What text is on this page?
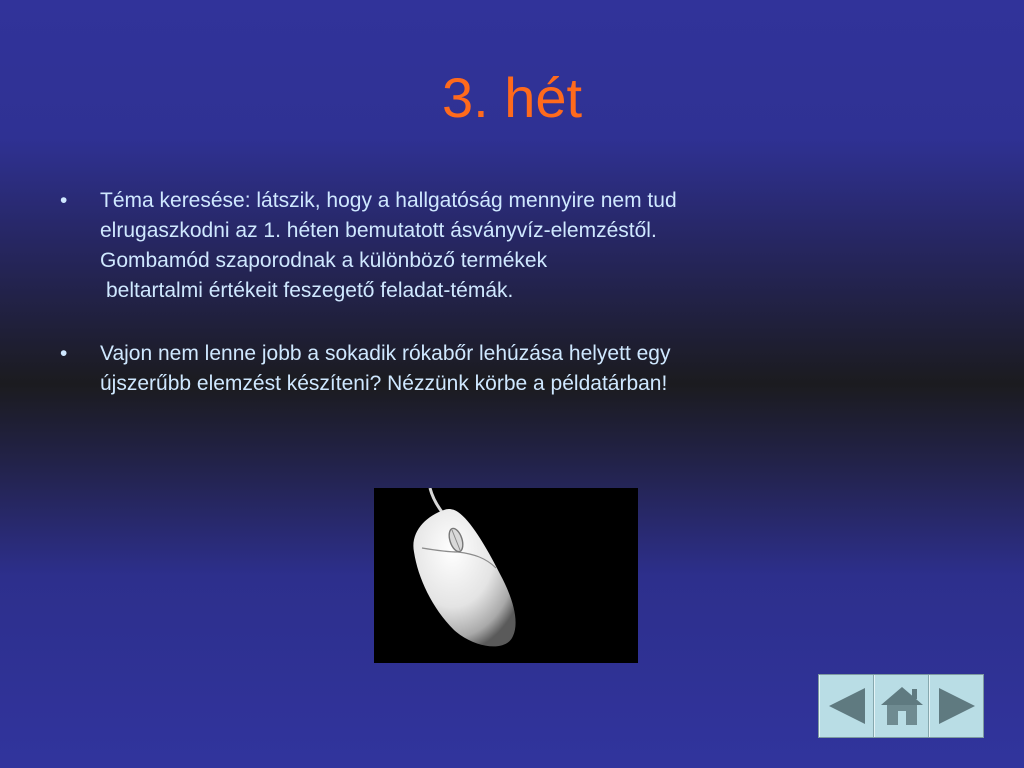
3. hét
• Téma keresése: látszik, hogy a hallgatóság mennyire nem tud
elrugaszkodni az 1. héten bemutatott ásványvíz-elemzéstől.
Gombamód szaporodnak a különböző termékek
beltartalmi értékeit feszegető feladat-témák.
• Vajon nem lenne jobb a sokadik rókabőr lehúzása helyett egy
újszerűbb elemzést készíteni? Nézzünk körbe a példatárban!
